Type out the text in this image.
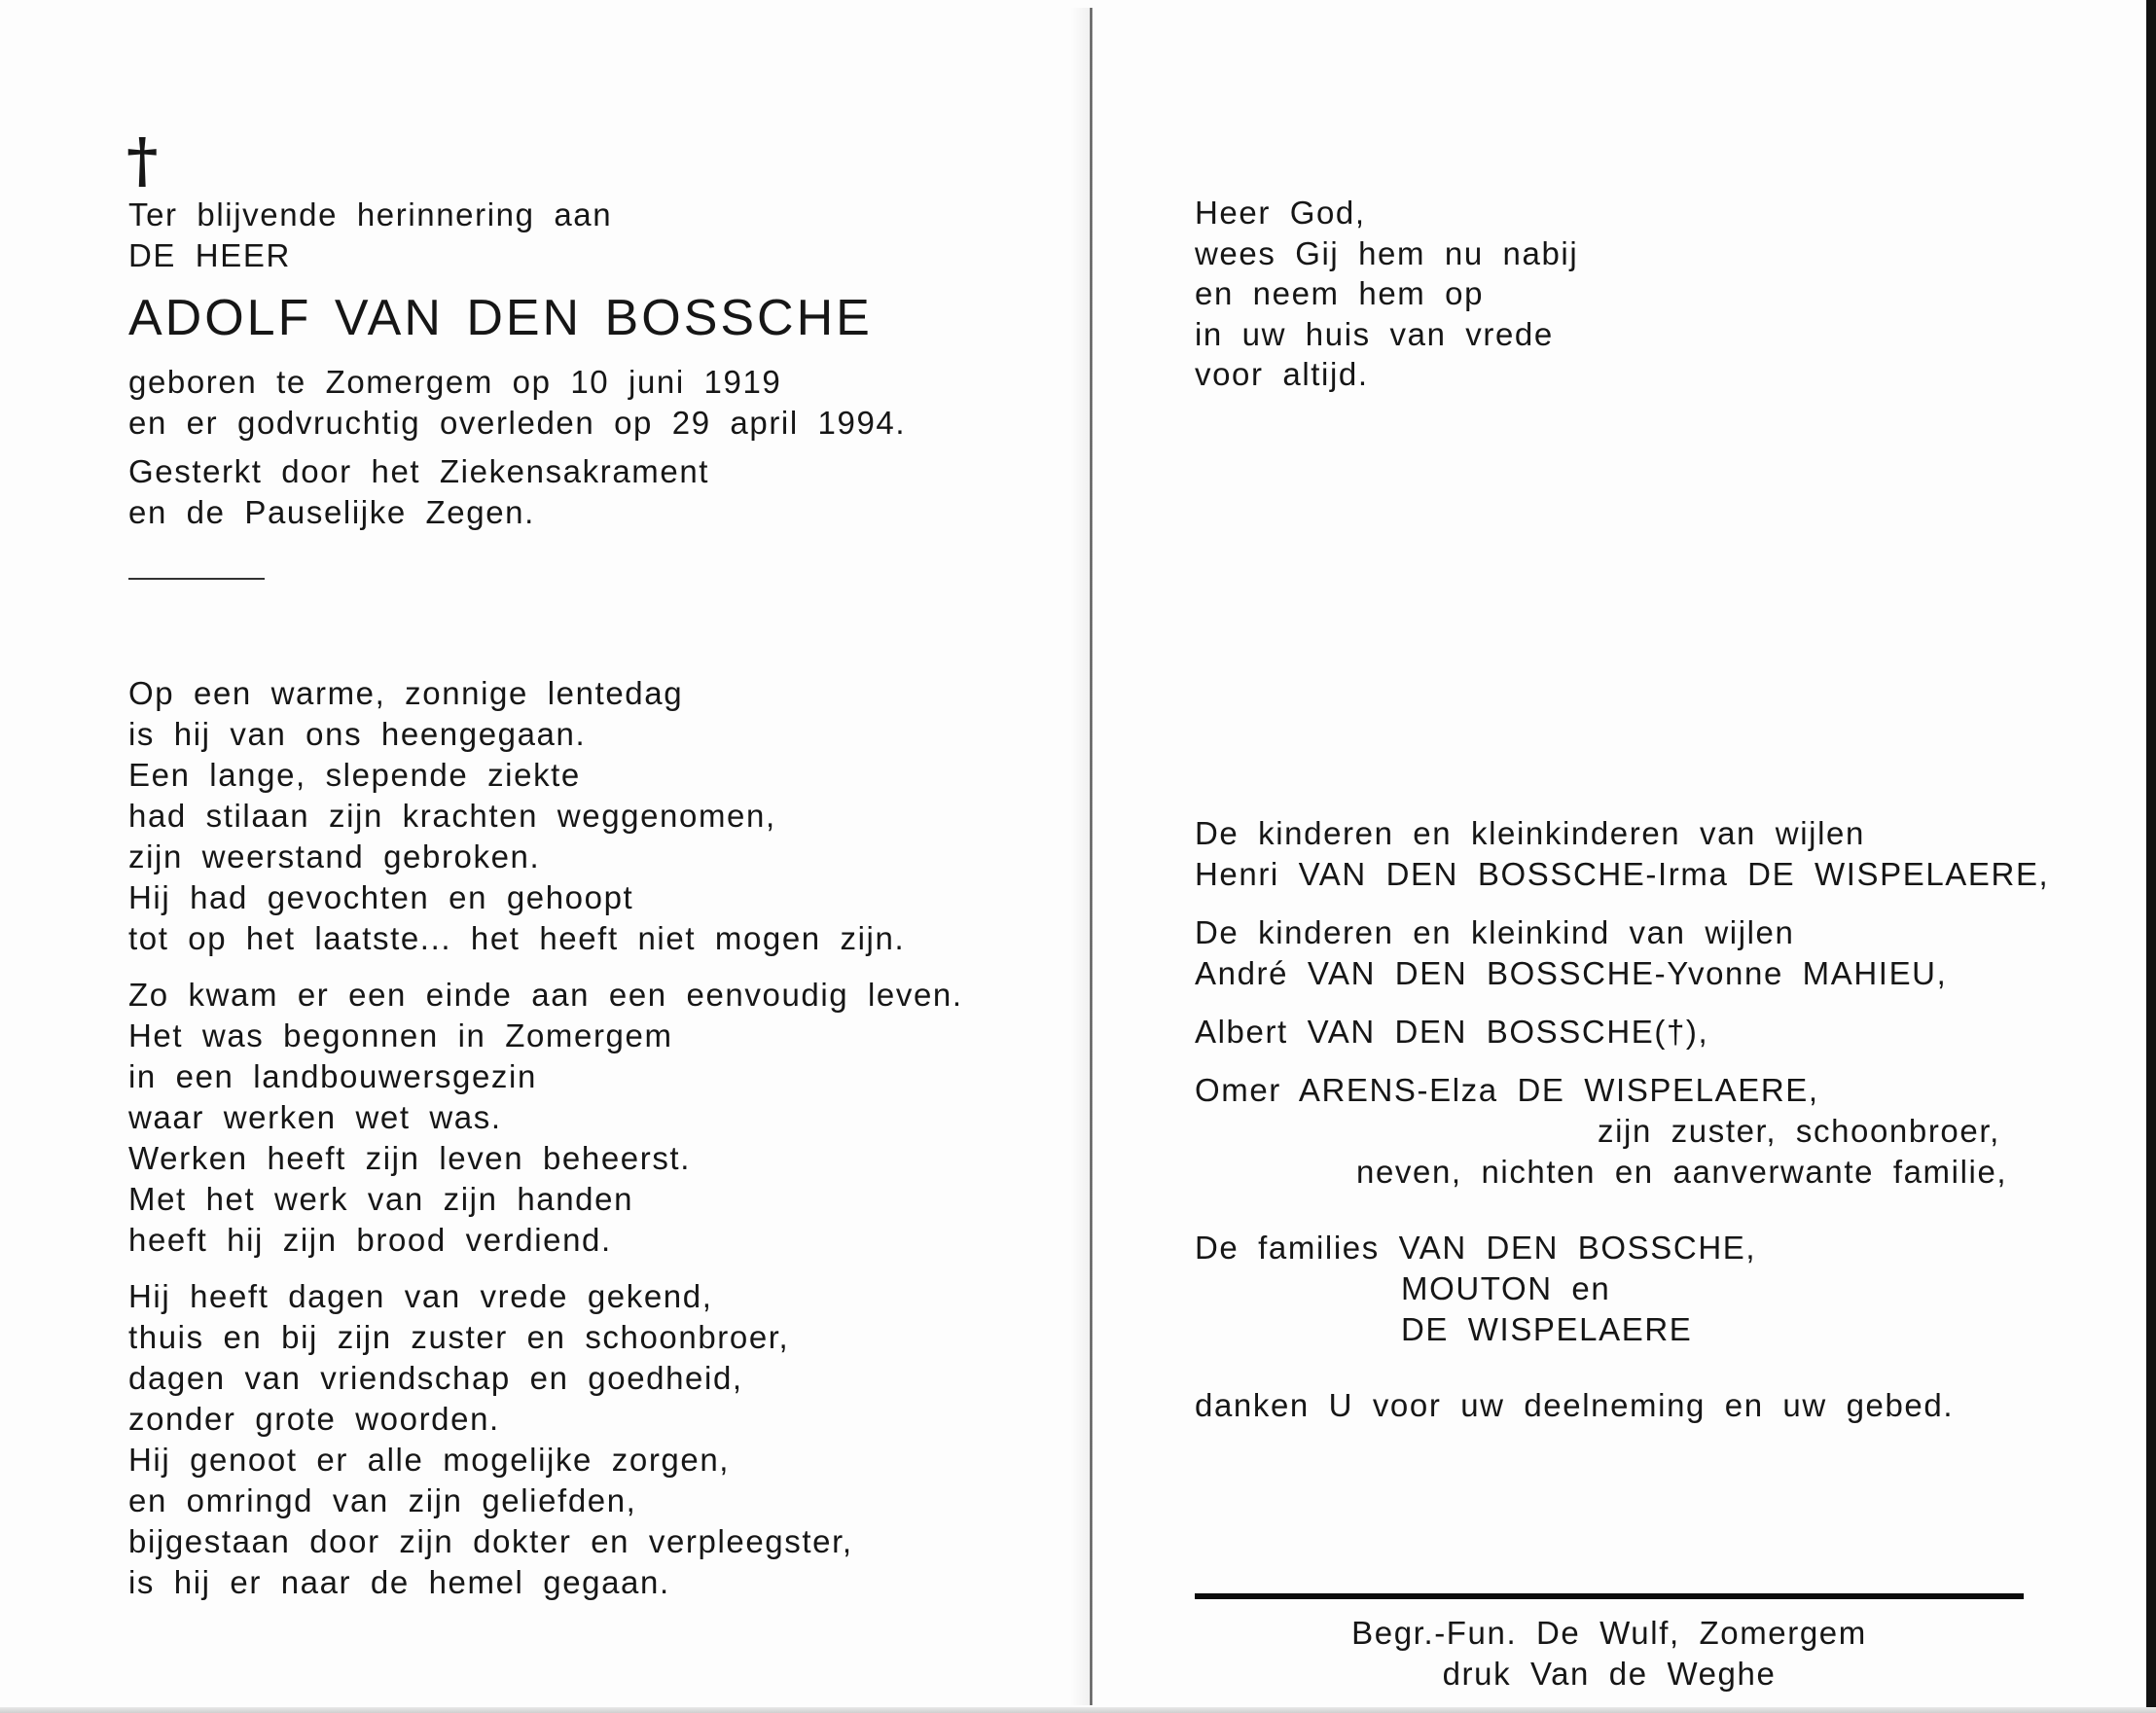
†

Ter blijvende herinnering aan

DE HEER

ADOLF VAN DEN BOSSCHE

geboren te Zomergem op 10 juni 1919

en er godvruchtig overleden op 29 april 1994.

Gesterkt door het Ziekensakrament

en de Pauselijke Zegen.

Op een warme, zonnige lentedag

is hij van ons heengegaan.

Een lange, slepende ziekte

had stilaan zijn krachten weggenomen,

zijn weerstand gebroken.

Hij had gevochten en gehoopt

tot op het laatste... het heeft niet mogen zijn.

Zo kwam er een einde aan een eenvoudig leven.

Het was begonnen in Zomergem

in een landbouwersgezin

waar werken wet was.

Werken heeft zijn leven beheerst.

Met het werk van zijn handen

heeft hij zijn brood verdiend.

Hij heeft dagen van vrede gekend,

thuis en bij zijn zuster en schoonbroer,

dagen van vriendschap en goedheid,

zonder grote woorden.

Hij genoot er alle mogelijke zorgen,

en omringd van zijn geliefden,

bijgestaan door zijn dokter en verpleegster,

is hij er naar de hemel gegaan.

Heer God,

wees Gij hem nu nabij

en neem hem op

in uw huis van vrede

voor altijd.

De kinderen en kleinkinderen van wijlen

Henri VAN DEN BOSSCHE-Irma DE WISPELAERE,

De kinderen en kleinkind van wijlen

André VAN DEN BOSSCHE-Yvonne MAHIEU,

Albert VAN DEN BOSSCHE(†),

Omer ARENS-Elza DE WISPELAERE,

zijn zuster, schoonbroer,

neven, nichten en aanverwante familie,

De families VAN DEN BOSSCHE,

MOUTON en

DE WISPELAERE

danken U voor uw deelneming en uw gebed.

Begr.-Fun. De Wulf, Zomergem

druk Van de Weghe
